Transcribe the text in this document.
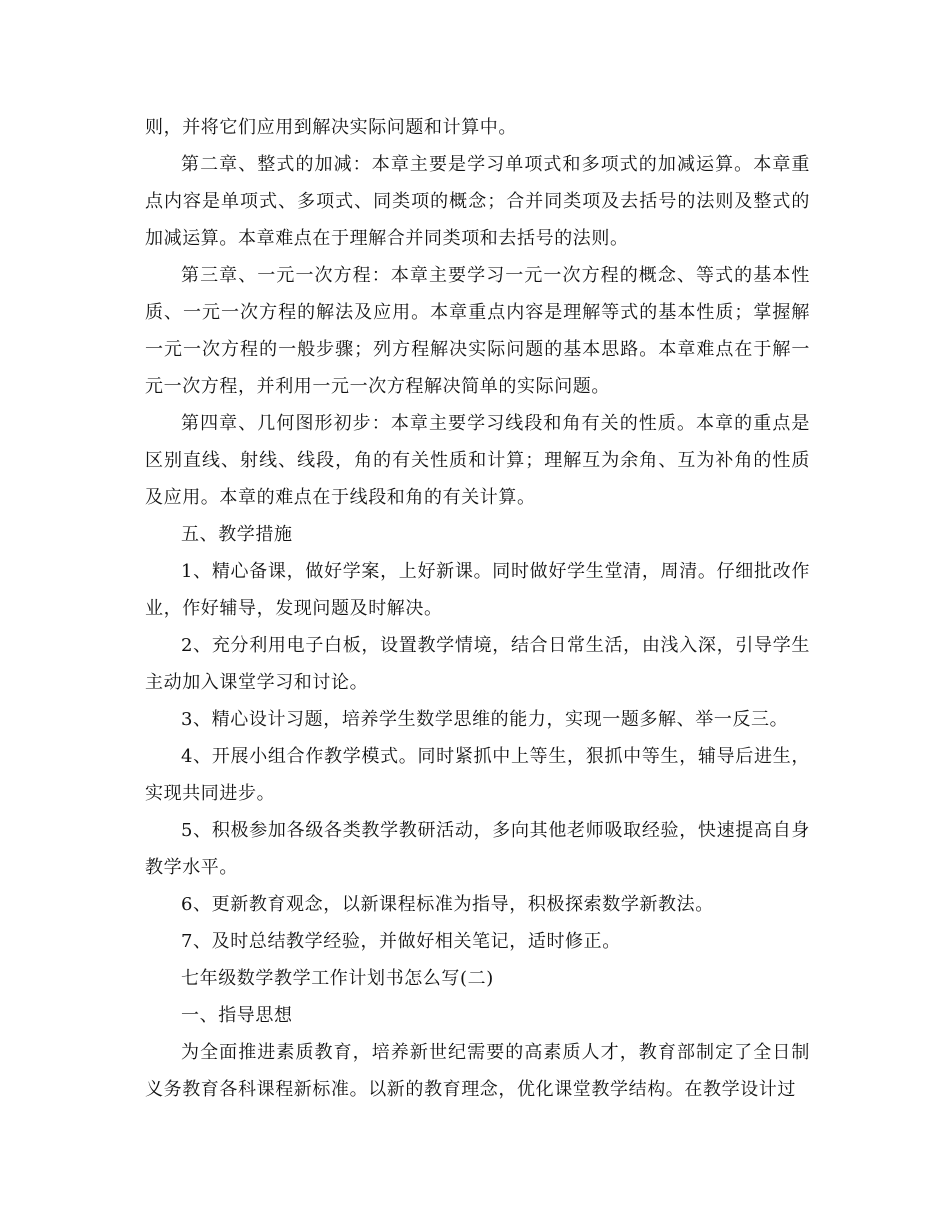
则，并将它们应用到解决实际问题和计算中。

第二章、整式的加减：本章主要是学习单项式和多项式的加减运算。本章重点内容是单项式、多项式、同类项的概念；合并同类项及去括号的法则及整式的加减运算。本章难点在于理解合并同类项和去括号的法则。

第三章、一元一次方程：本章主要学习一元一次方程的概念、等式的基本性质、一元一次方程的解法及应用。本章重点内容是理解等式的基本性质；掌握解一元一次方程的一般步骤；列方程解决实际问题的基本思路。本章难点在于解一元一次方程，并利用一元一次方程解决简单的实际问题。

第四章、几何图形初步：本章主要学习线段和角有关的性质。本章的重点是区别直线、射线、线段，角的有关性质和计算；理解互为余角、互为补角的性质及应用。本章的难点在于线段和角的有关计算。

五、教学措施

1、精心备课，做好学案，上好新课。同时做好学生堂清，周清。仔细批改作业，作好辅导，发现问题及时解决。

2、充分利用电子白板，设置教学情境，结合日常生活，由浅入深，引导学生主动加入课堂学习和讨论。

3、精心设计习题，培养学生数学思维的能力，实现一题多解、举一反三。

4、开展小组合作教学模式。同时紧抓中上等生，狠抓中等生，辅导后进生，实现共同进步。

5、积极参加各级各类教学教研活动，多向其他老师吸取经验，快速提高自身教学水平。

6、更新教育观念，以新课程标准为指导，积极探索数学新教法。

7、及时总结教学经验，并做好相关笔记，适时修正。

七年级数学教学工作计划书怎么写(二)

一、指导思想

为全面推进素质教育，培养新世纪需要的高素质人才，教育部制定了全日制义务教育各科课程新标准。以新的教育理念，优化课堂教学结构。在教学设计过
